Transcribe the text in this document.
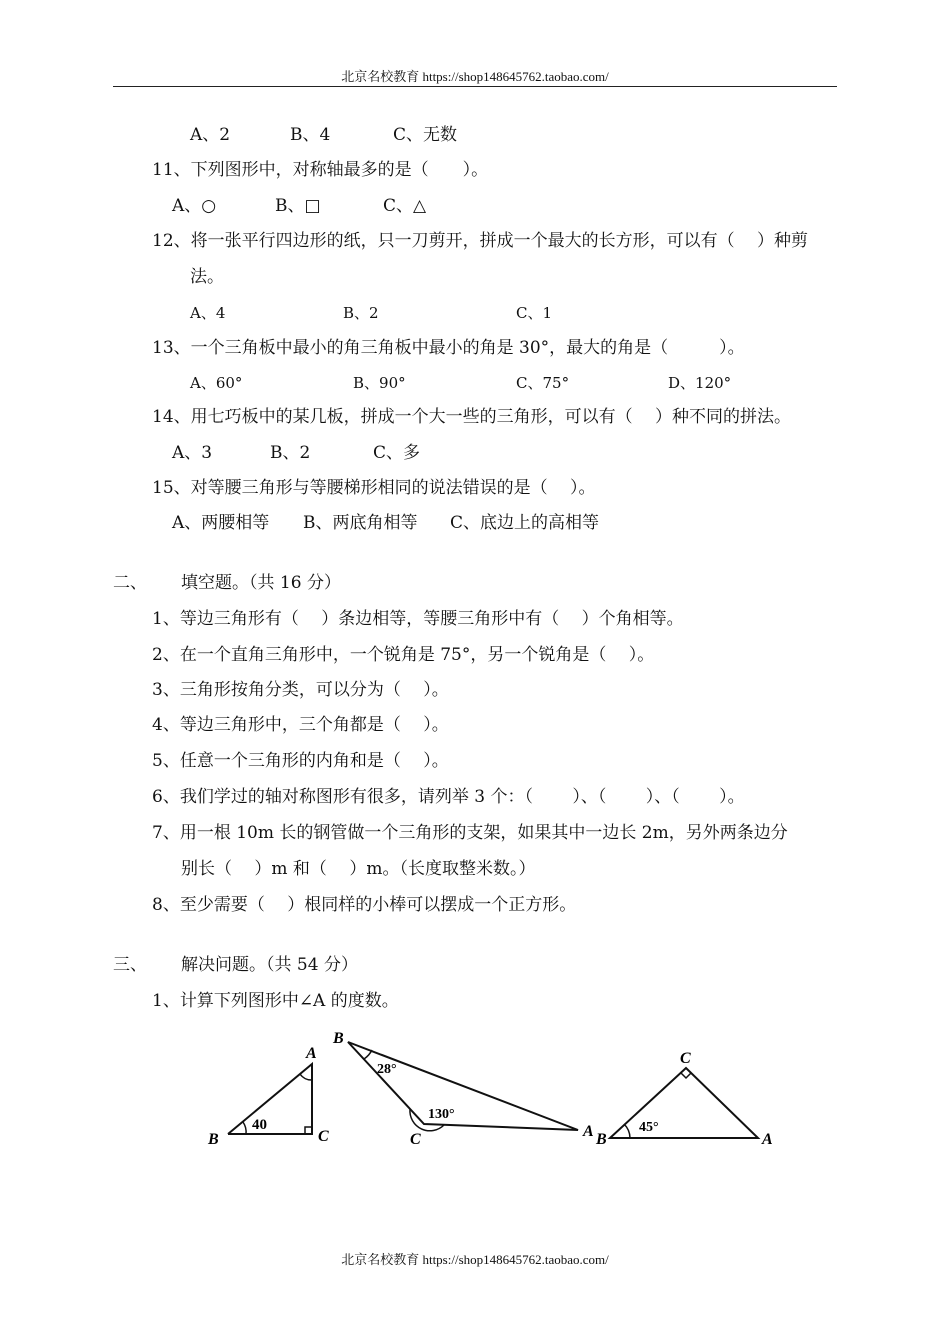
北京名校教育 https://shop148645762.taobao.com/
A、2	B、4	C、无数
11、下列图形中，对称轴最多的是（　　）。
A、○	B、□	C、△
12、将一张平行四边形的纸，只一刀剪开，拼成一个最大的长方形，可以有（　 ）种剪
法。
A、4	B、2	C、1
13、一个三角板中最小的角三角板中最小的角是 30°，最大的角是（　　　）。
A、60°	B、90°	C、75°	D、120°
14、用七巧板中的某几板，拼成一个大一些的三角形，可以有（　 ）种不同的拼法。
A、3	B、2	C、多
15、对等腰三角形与等腰梯形相同的说法错误的是（　 ）。
A、两腰相等 B、两底角相等 C、底边上的高相等
二、 填空题。（共 16 分）
1、等边三角形有（　 ）条边相等，等腰三角形中有（　 ）个角相等。
2、在一个直角三角形中，一个锐角是 75°，另一个锐角是（　 ）。
3、三角形按角分类，可以分为（　 ）。
4、等边三角形中，三个角都是（　 ）。
5、任意一个三角形的内角和是（　 ）。
6、我们学过的轴对称图形有很多，请列举 3 个：（　　 ）、（　　 ）、（　　 ）。
7、用一根 10m 长的钢管做一个三角形的支架，如果其中一边长 2m，另外两条边分
别长（　 ）m 和（　 ）m。（长度取整米数。）
8、至少需要（　 ）根同样的小棒可以摆成一个正方形。
三、 解决问题。（共 54 分）
1、计算下列图形中∠A 的度数。
A
B	C
40
B
C	A
28°
130°
C
B	A
45°
北京名校教育 https://shop148645762.taobao.com/
